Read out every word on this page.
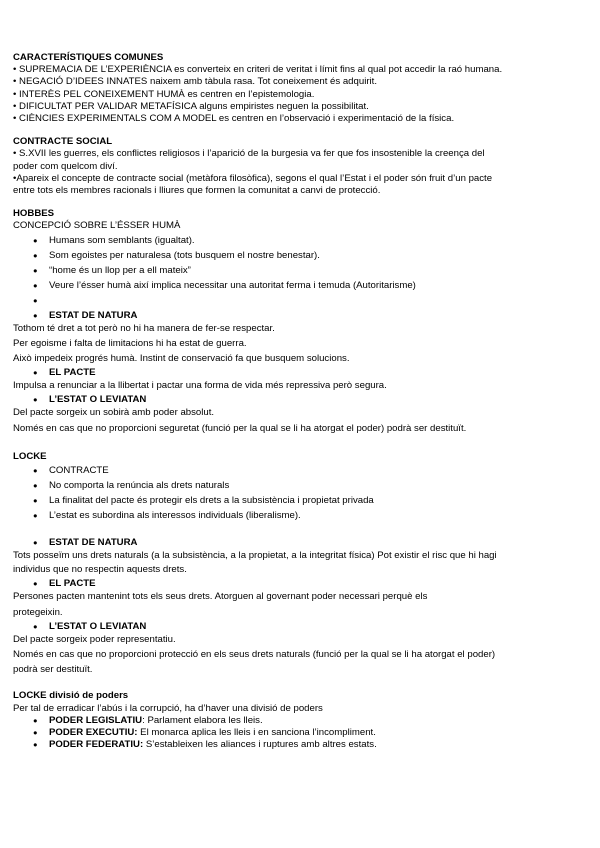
CARACTERÍSTIQUES COMUNES
• SUPREMACIA DE L’EXPERIÈNCIA es converteix en criteri de veritat i límit fins al qual pot accedir la raó humana.
• NEGACIÓ D’IDEES INNATES naixem amb tàbula rasa. Tot coneixement és adquirit.
• INTERÈS PEL CONEIXEMENT HUMÀ es centren en l’epistemologia.
• DIFICULTAT PER VALIDAR METAFÍSICA alguns empiristes neguen la possibilitat.
• CIÈNCIES EXPERIMENTALS COM A MODEL es centren en l’observació i experimentació de la física.
CONTRACTE SOCIAL
• S.XVII les guerres, els conflictes religiosos i l’aparició de la burgesia va fer que fos insostenible la creença del
poder com quelcom diví.
•Apareix el concepte de contracte social (metàfora filosòfica), segons el qual l’Estat i el poder són fruit d’un pacte
entre tots els membres racionals i lliures que formen la comunitat a canvi de protecció.
HOBBES
CONCEPCIÓ SOBRE L’ÉSSER HUMÀ
● Humans som semblants (igualtat).
● Som egoistes per naturalesa (tots busquem el nostre benestar).
● “home és un llop per a ell mateix”
● Veure l’ésser humà així implica necessitar una autoritat ferma i temuda (Autoritarisme)
●
● ESTAT DE NATURA
Tothom té dret a tot però no hi ha manera de fer-se respectar.
Per egoisme i falta de limitacions hi ha estat de guerra.
Això impedeix progrés humà. Instint de conservació fa que busquem solucions.
● EL PACTE
Impulsa a renunciar a la llibertat i pactar una forma de vida més repressiva però segura.
● L’ESTAT O LEVIATAN
Del pacte sorgeix un sobirà amb poder absolut.
Només en cas que no proporcioni seguretat (funció per la qual se li ha atorgat el poder) podrà ser destituït.
LOCKE
● CONTRACTE
● No comporta la renúncia als drets naturals
● La finalitat del pacte és protegir els drets a la subsistència i propietat privada
● L’estat es subordina als interessos individuals (liberalisme).
● ESTAT DE NATURA
Tots posseïm uns drets naturals (a la subsistència, a la propietat, a la integritat física) Pot existir el risc que hi hagi
individus que no respectin aquests drets.
● EL PACTE
Persones pacten mantenint tots els seus drets. Atorguen al governant poder necessari perquè els
protegeixin.
● L’ESTAT O LEVIATAN
Del pacte sorgeix poder representatiu.
Només en cas que no proporcioni protecció en els seus drets naturals (funció per la qual se li ha atorgat el poder)
podrà ser destituït.
LOCKE divisió de poders
Per tal de erradicar l’abús i la corrupció, ha d’haver una divisió de poders
● PODER LEGISLATIU: Parlament elabora les lleis.
● PODER EXECUTIU: El monarca aplica les lleis i en sanciona l’incompliment.
● PODER FEDERATIU: S’estableixen les aliances i ruptures amb altres estats.
